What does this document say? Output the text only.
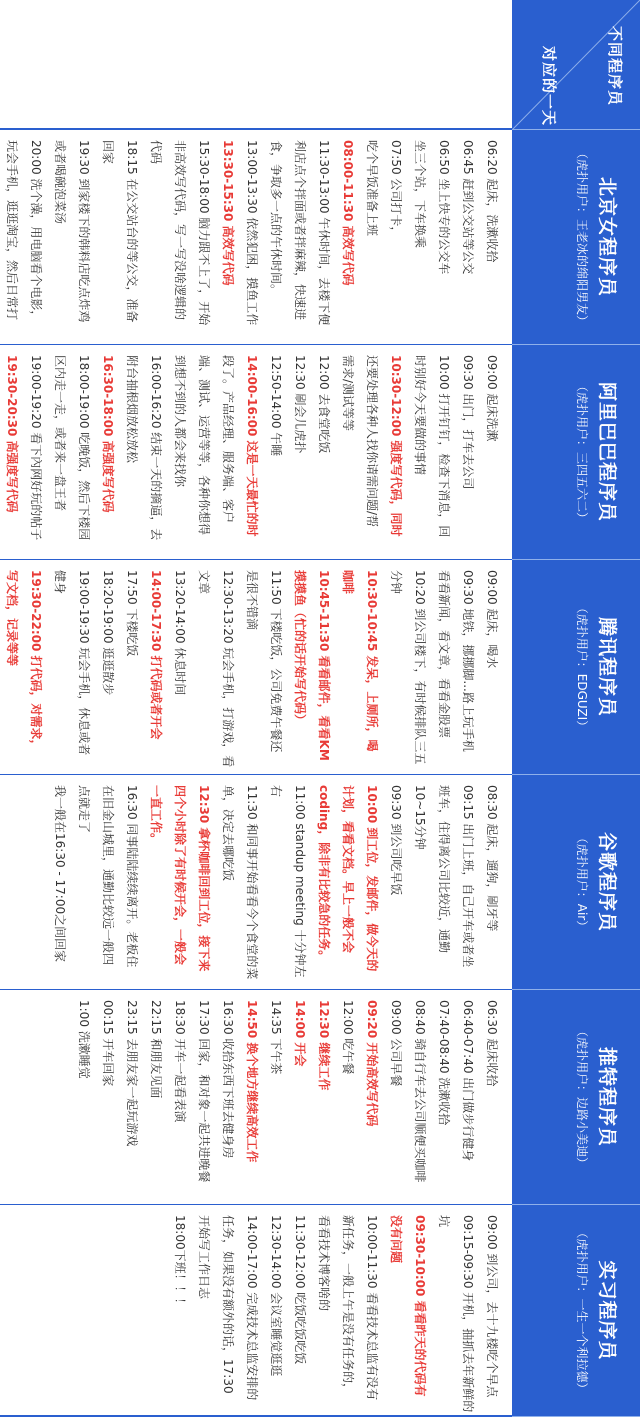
不同程序员
对应的一天
北京女程序员
（虎扑用户：王老冰的绵阳男友）
阿里巴巴程序员
（虎扑用户：三四五六二）
腾讯程序员
（虎扑用户：EDGUZI）
谷歌程序员
（虎扑用户：Air）
推特程序员
（虎扑用户：边路小美迪）
实习程序员
（虎扑用户：一生一个利拉德）
06:20 起床，洗漱收拾
06:45 赶到公交站等公交
06:50 坐上快专的公交车
坐三个站，下车换乘
07:50 公司打卡，
吃个早饭准备上班
08:00-11:30 高效写代码
11:30-13:00 午休时间，去楼下便
利店点个拌面或者拌麻辣，快速进
食，争取多一点的午休时间。
13:00-13:30 依然犯困，摸鱼工作
13:30-15:30 高效写代码
15:30-18:00 脑力跟不上了，开始
非高效写代码，写一写没啥逻辑的
代码
18:15 在公交站台的等公交，准备
回家
19:30 到家楼下的韩料店吃点炸鸡
或者喝碗泡菜汤
20:00 洗个澡，用电脑看个电影，
玩会手机，逛逛淘宝，然后日常打
09:00 起床洗漱
09:30 出门，打车去公司
10:00 打开钉钉，检查下消息，回
时别好今天要做的事情
10:30-12:00 强度写代码，同时
还要处理各种人找你请需问题/帮
需求/测试等等
12:00 去食堂吃饭
12:30 刷会儿虎扑
12:50-14:00 午睡
14:00-16:00 这是一天最忙的时
段了。产品经理、服务端、客户
端、测试、运营等等，各种你想得
到想不到的人都会来找你
16:00-16:20 结束一天的摘逼，去
附台抽根烟放松放松
16:30-18:00 高强度写代码
18:00-19:00 吃晚饭，然后下楼园
区内走一走，或者来一盘王者
19:00-19:20 看下內网好玩的帖子
19:30-20:30 高强度写代码
09:00 起床，喝水
09:30 地铁，挪挪脚...路上玩手机
看看新闻，看文章，看看金股票
10:20 到公司楼下，有时候排队三五
分钟
10:30-10:45 发呆，上厕所，喝
咖啡
10:45-11:30 看看邮件，看看KM
摸摸鱼（忙的话开始写代码）
11:50 下楼吃饭，公司免费午餐还
是很不错滴
12:30-13:20 玩会手机，打游戏，看
文章
13:20-14:00 休息时间
14:00-17:30 打代码或者开会
17:50 下楼吃饭
18:20-19:00 逛逛散步
19:00-19:30 玩会手机，休息或者
健身
19:30-22:00 打代码，对需求，
写文档，记录等等
08:30 起床，遛狗，刷牙等
09:15 出门上班，自己开车或者坐
班车，住得离公司比较近，通勤
10~15分钟
09:30 到公司吃早饭
10:00 到工位，发邮件，做今天的
计划，看看文档。早上一般不会
coding，除非有比较急的任务。
11:00 standup meeting 十分钟左
右
11:30 和同事开始看看今个食堂的菜
单，决定去哪吃饭
12:30 拿杯咖啡回到工位，接下来
四个小时除了有时候开会，一般会
一直工作。
16:30 同事陆陆续续离开。老板住
在旧金山城里，通勤比较远一般四
点就走了
我一般在16:30 - 17:00之间回家
06:30 起床收拾
06:40-07:40 出门做步行健身
07:40-08:40 洗漱收拾
08:40 骑自行车去公司顺便买咖啡
09:00 公司早餐
09:20 开始高效写代码
12:00 吃午餐
12:30 继续工作
14:00 开会
14:35 下午茶
14:50 换个地方继续高效工作
16:30 收拾东西下班去健身房
17:30 回家，和对象一起共进晚餐
18:30 开车一起看表演
22:15 和朋友见面
23:15 去朋友家一起玩游戏
00:15 开车回家
1:00 洗漱睡觉
09:00 到公司，去十九楼吃个早点
09:15-09:30 开机，抽抓去年新鲜的
坑
09:30-10:00 看看昨天的代码有
没有问题
10:00-11:30 看看技术总监有没有
新任务，一般上午是没有任务的，
看看技术博客啥的
11:30-12:00 吃饭吃饭吃饭
12:30-14:00 会议室睡觉逛逛
14:00-17:00 完成技术总监安排的
任务，如果没有额外的话，17:30
开始写工作日志
18:00下班！！！
